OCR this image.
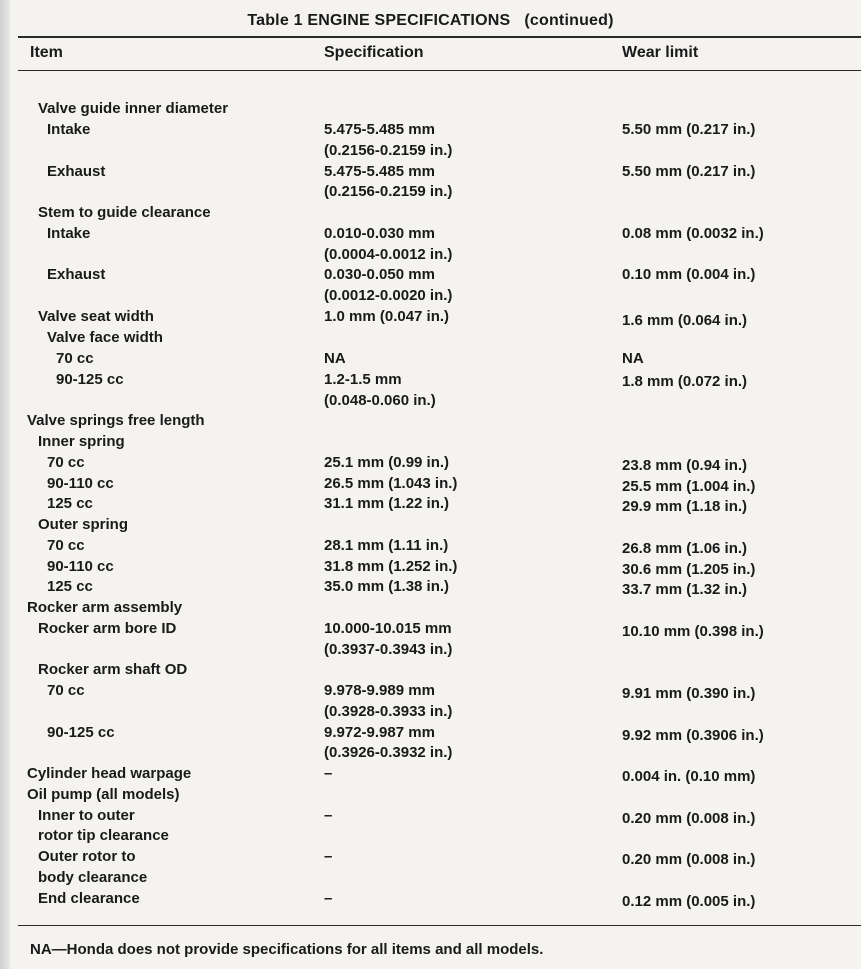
Table 1 ENGINE SPECIFICATIONS (continued)
Item	Specification	Wear limit
Valve guide inner diameter
Intake	5.475-5.485 mm	5.50 mm (0.217 in.)
(0.2156-0.2159 in.)
Exhaust	5.475-5.485 mm	5.50 mm (0.217 in.)
(0.2156-0.2159 in.)
Stem to guide clearance
Intake	0.010-0.030 mm	0.08 mm (0.0032 in.)
(0.0004-0.0012 in.)
Exhaust	0.030-0.050 mm	0.10 mm (0.004 in.)
(0.0012-0.0020 in.)
Valve seat width	1.0 mm (0.047 in.)	1.6 mm (0.064 in.)
Valve face width
70 cc	NA	NA
90-125 cc	1.2-1.5 mm	1.8 mm (0.072 in.)
(0.048-0.060 in.)
Valve springs free length
Inner spring
70 cc	25.1 mm (0.99 in.)	23.8 mm (0.94 in.)
90-110 cc	26.5 mm (1.043 in.)	25.5 mm (1.004 in.)
125 cc	31.1 mm (1.22 in.)	29.9 mm (1.18 in.)
Outer spring
70 cc	28.1 mm (1.11 in.)	26.8 mm (1.06 in.)
90-110 cc	31.8 mm (1.252 in.)	30.6 mm (1.205 in.)
125 cc	35.0 mm (1.38 in.)	33.7 mm (1.32 in.)
Rocker arm assembly
Rocker arm bore ID	10.000-10.015 mm	10.10 mm (0.398 in.)
(0.3937-0.3943 in.)
Rocker arm shaft OD
70 cc	9.978-9.989 mm	9.91 mm (0.390 in.)
(0.3928-0.3933 in.)
90-125 cc	9.972-9.987 mm	9.92 mm (0.3906 in.)
(0.3926-0.3932 in.)
Cylinder head warpage	–	0.004 in. (0.10 mm)
Oil pump (all models)
Inner to outer	–	0.20 mm (0.008 in.)
rotor tip clearance
Outer rotor to	–	0.20 mm (0.008 in.)
body clearance
End clearance	–	0.12 mm (0.005 in.)
NA—Honda does not provide specifications for all items and all models.
